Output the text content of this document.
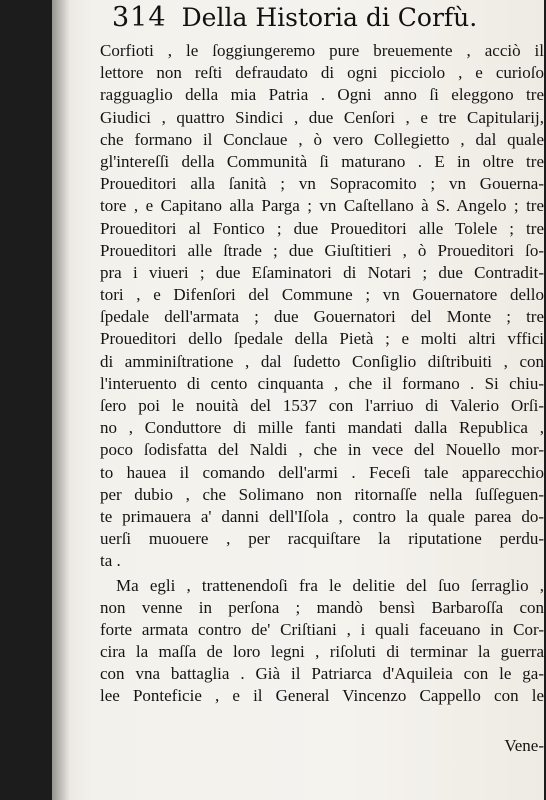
314 Della Historia di Corfù.
Corfioti , le ſoggiungeremo pure breuemente , acciò il
lettore non reſti defraudato di ogni picciolo , e curioſo
ragguaglio della mia Patria . Ogni anno ſi eleggono tre
Giudici , quattro Sindici , due Cenſori , e tre Capitularij,
che formano il Conclaue , ò vero Collegietto , dal quale
gl'intereſſi della Communità ſi maturano . E in oltre tre
Proueditori alla ſanità ; vn Sopracomito ; vn Gouerna-
tore , e Capitano alla Parga ; vn Caſtellano à S. Angelo ; tre
Proueditori al Fontico ; due Proueditori alle Tolele ; tre
Proueditori alle ſtrade ; due Giuſtitieri , ò Proueditori ſo-
pra i viueri ; due Eſaminatori di Notari ; due Contradit-
tori , e Difenſori del Commune ; vn Gouernatore dello
ſpedale dell'armata ; due Gouernatori del Monte ; tre
Proueditori dello ſpedale della Pietà ; e molti altri vffici
di amminiſtratione , dal ſudetto Conſiglio diſtribuiti , con
l'interuento di cento cinquanta , che il formano . Si chiu-
ſero poi le nouità del 1537 con l'arriuo di Valerio Orſi-
no , Conduttore di mille fanti mandati dalla Republica ,
poco ſodisfatta del Naldi , che in vece del Nouello mor-
to hauea il comando dell'armi . Feceſi tale apparecchio
per dubio , che Solimano non ritornaſſe nella ſuſſeguen-
te primauera a' danni dell'Iſola , contro la quale parea do-
uerſi muouere , per racquiſtare la riputatione perdu-
ta .
Ma egli , trattenendoſi fra le delitie del ſuo ſerraglio ,
non venne in perſona ; mandò bensì Barbaroſſa con
forte armata contro de' Criſtiani , i quali faceuano in Cor-
cira la maſſa de loro legni , riſoluti di terminar la guerra
con vna battaglia . Già il Patriarca d'Aquileia con le ga-
lee Ponteficie , e il General Vincenzo Cappello con le
Vene-
